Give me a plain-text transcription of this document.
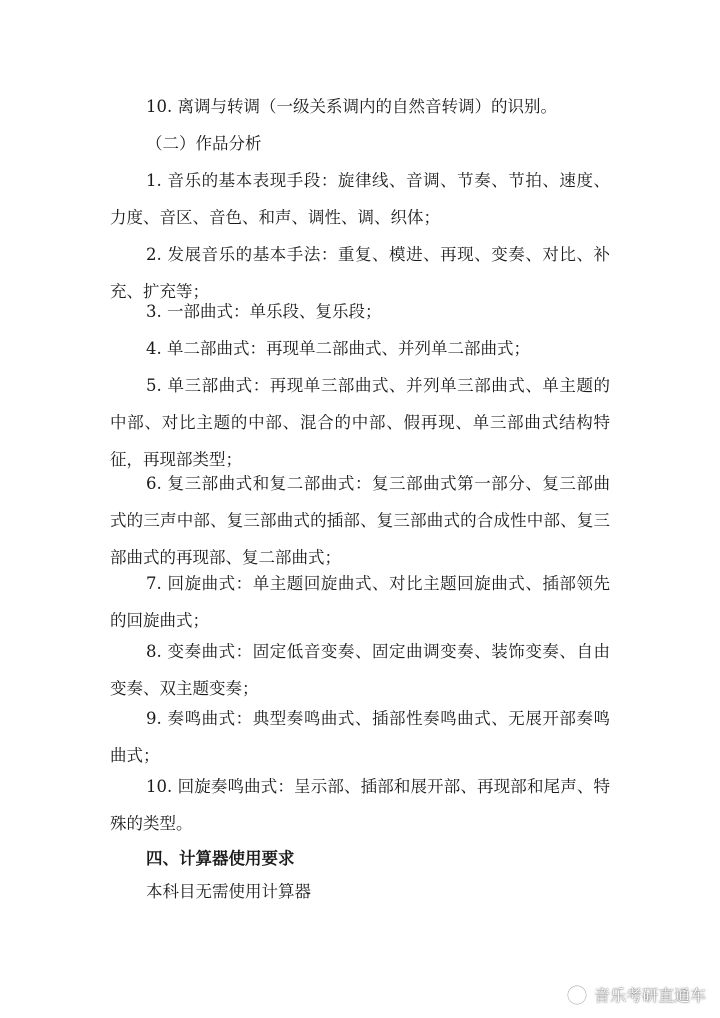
10. 离调与转调（一级关系调内的自然音转调）的识别。

（二）作品分析

1. 音乐的基本表现手段：旋律线、音调、节奏、节拍、速度、力度、音区、音色、和声、调性、调、织体；

2. 发展音乐的基本手法：重复、模进、再现、变奏、对比、补充、扩充等；

3. 一部曲式：单乐段、复乐段；

4. 单二部曲式：再现单二部曲式、并列单二部曲式；

5. 单三部曲式：再现单三部曲式、并列单三部曲式、单主题的中部、对比主题的中部、混合的中部、假再现、单三部曲式结构特征，再现部类型；

6. 复三部曲式和复二部曲式：复三部曲式第一部分、复三部曲式的三声中部、复三部曲式的插部、复三部曲式的合成性中部、复三部曲式的再现部、复二部曲式；

7. 回旋曲式：单主题回旋曲式、对比主题回旋曲式、插部领先的回旋曲式；

8. 变奏曲式：固定低音变奏、固定曲调变奏、装饰变奏、自由变奏、双主题变奏；

9. 奏鸣曲式：典型奏鸣曲式、插部性奏鸣曲式、无展开部奏鸣曲式；

10. 回旋奏鸣曲式：呈示部、插部和展开部、再现部和尾声、特殊的类型。

四、计算器使用要求

本科目无需使用计算器

音乐考研直通车
